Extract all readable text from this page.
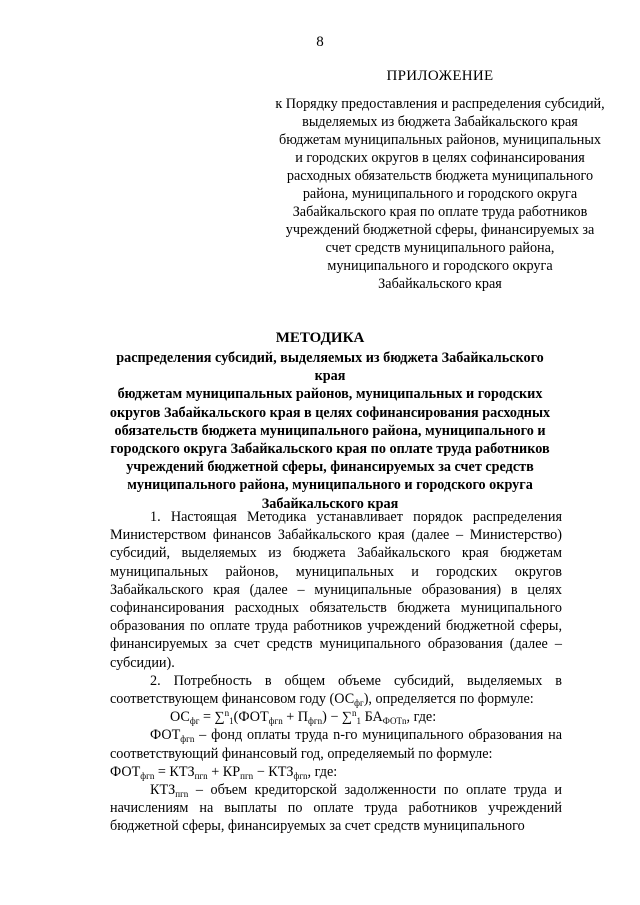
8
ПРИЛОЖЕНИЕ
к Порядку предоставления и распределения субсидий,
выделяемых из бюджета Забайкальского края
бюджетам муниципальных районов, муниципальных
и городских округов в целях софинансирования
расходных обязательств бюджета муниципального
района, муниципального и городского округа
Забайкальского края по оплате труда работников
учреждений бюджетной сферы, финансируемых за
счет средств муниципального района,
муниципального и городского округа
Забайкальского края
МЕТОДИКА
распределения субсидий, выделяемых из бюджета Забайкальского края
бюджетам муниципальных районов, муниципальных и городских
округов Забайкальского края в целях софинансирования расходных
обязательств бюджета муниципального района, муниципального и
городского округа Забайкальского края по оплате труда работников
учреждений бюджетной сферы, финансируемых за счет средств
муниципального района, муниципального и городского округа
Забайкальского края

1. Настоящая Методика устанавливает порядок распределения Министерством финансов Забайкальского края (далее – Министерство) субсидий, выделяемых из бюджета Забайкальского края бюджетам муниципальных районов, муниципальных и городских округов Забайкальского края (далее – муниципальные образования) в целях софинансирования расходных обязательств бюджета муниципального образования по оплате труда работников учреждений бюджетной сферы, финансируемых за счет средств муниципального образования (далее – субсидии).

2. Потребность в общем объеме субсидий, выделяемых в соответствующем финансовом году $(ОС_{фг})$, определяется по формуле:

$ОС_{фг} = \sum^n_1(ФОТ_{фгn} + П_{фгn}) - \sum^n_1$ $БА_{ФОТn}$, где:

$ФОТ_{фгn}$ – фонд оплаты труда n-го муниципального образования на соответствующий финансовый год, определяемый по формуле:

$ФОТ_{фгn} = КТЗ_{пгn} + КР_{пгn} - КТЗ_{фгn}$, где:

$КТЗ_{пгn}$ – объем кредиторской задолженности по оплате труда и начислениям на выплаты по оплате труда работников учреждений бюджетной сферы, финансируемых за счет средств муниципального
